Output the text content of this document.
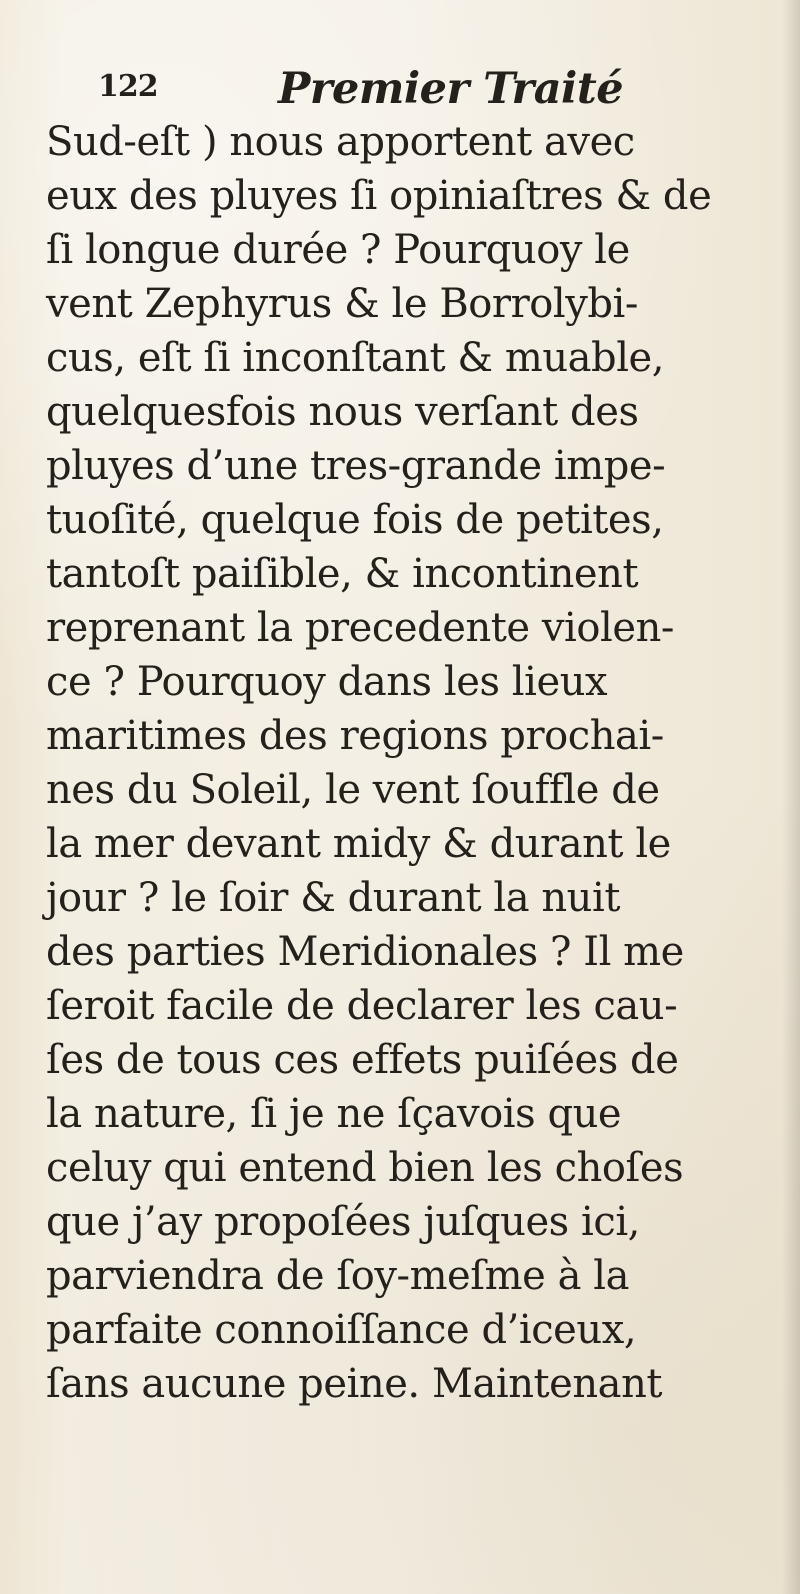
122	Premier Traité
Sud-eſt ) nous apportent avec
eux des pluyes ſi opiniaſtres & de
ſi longue durée ? Pourquoy le
vent Zephyrus & le Borrolybi-
cus, eſt ſi inconſtant & muable,
quelquesfois nous verſant des
pluyes d’une tres-grande impe-
tuoſité, quelque fois de petites,
tantoſt paiſible, & incontinent
reprenant la precedente violen-
ce ? Pourquoy dans les lieux
maritimes des regions prochai-
nes du Soleil, le vent ſouffle de
la mer devant midy & durant le
jour ? le ſoir & durant la nuit
des parties Meridionales ? Il me
ſeroit facile de declarer les cau-
ſes de tous ces effets puiſées de
la nature, ſi je ne ſçavois que
celuy qui entend bien les choſes
que j’ay propoſées juſques ici,
parviendra de ſoy-meſme à la
parfaite connoiſſance d’iceux,
ſans aucune peine. Maintenant
